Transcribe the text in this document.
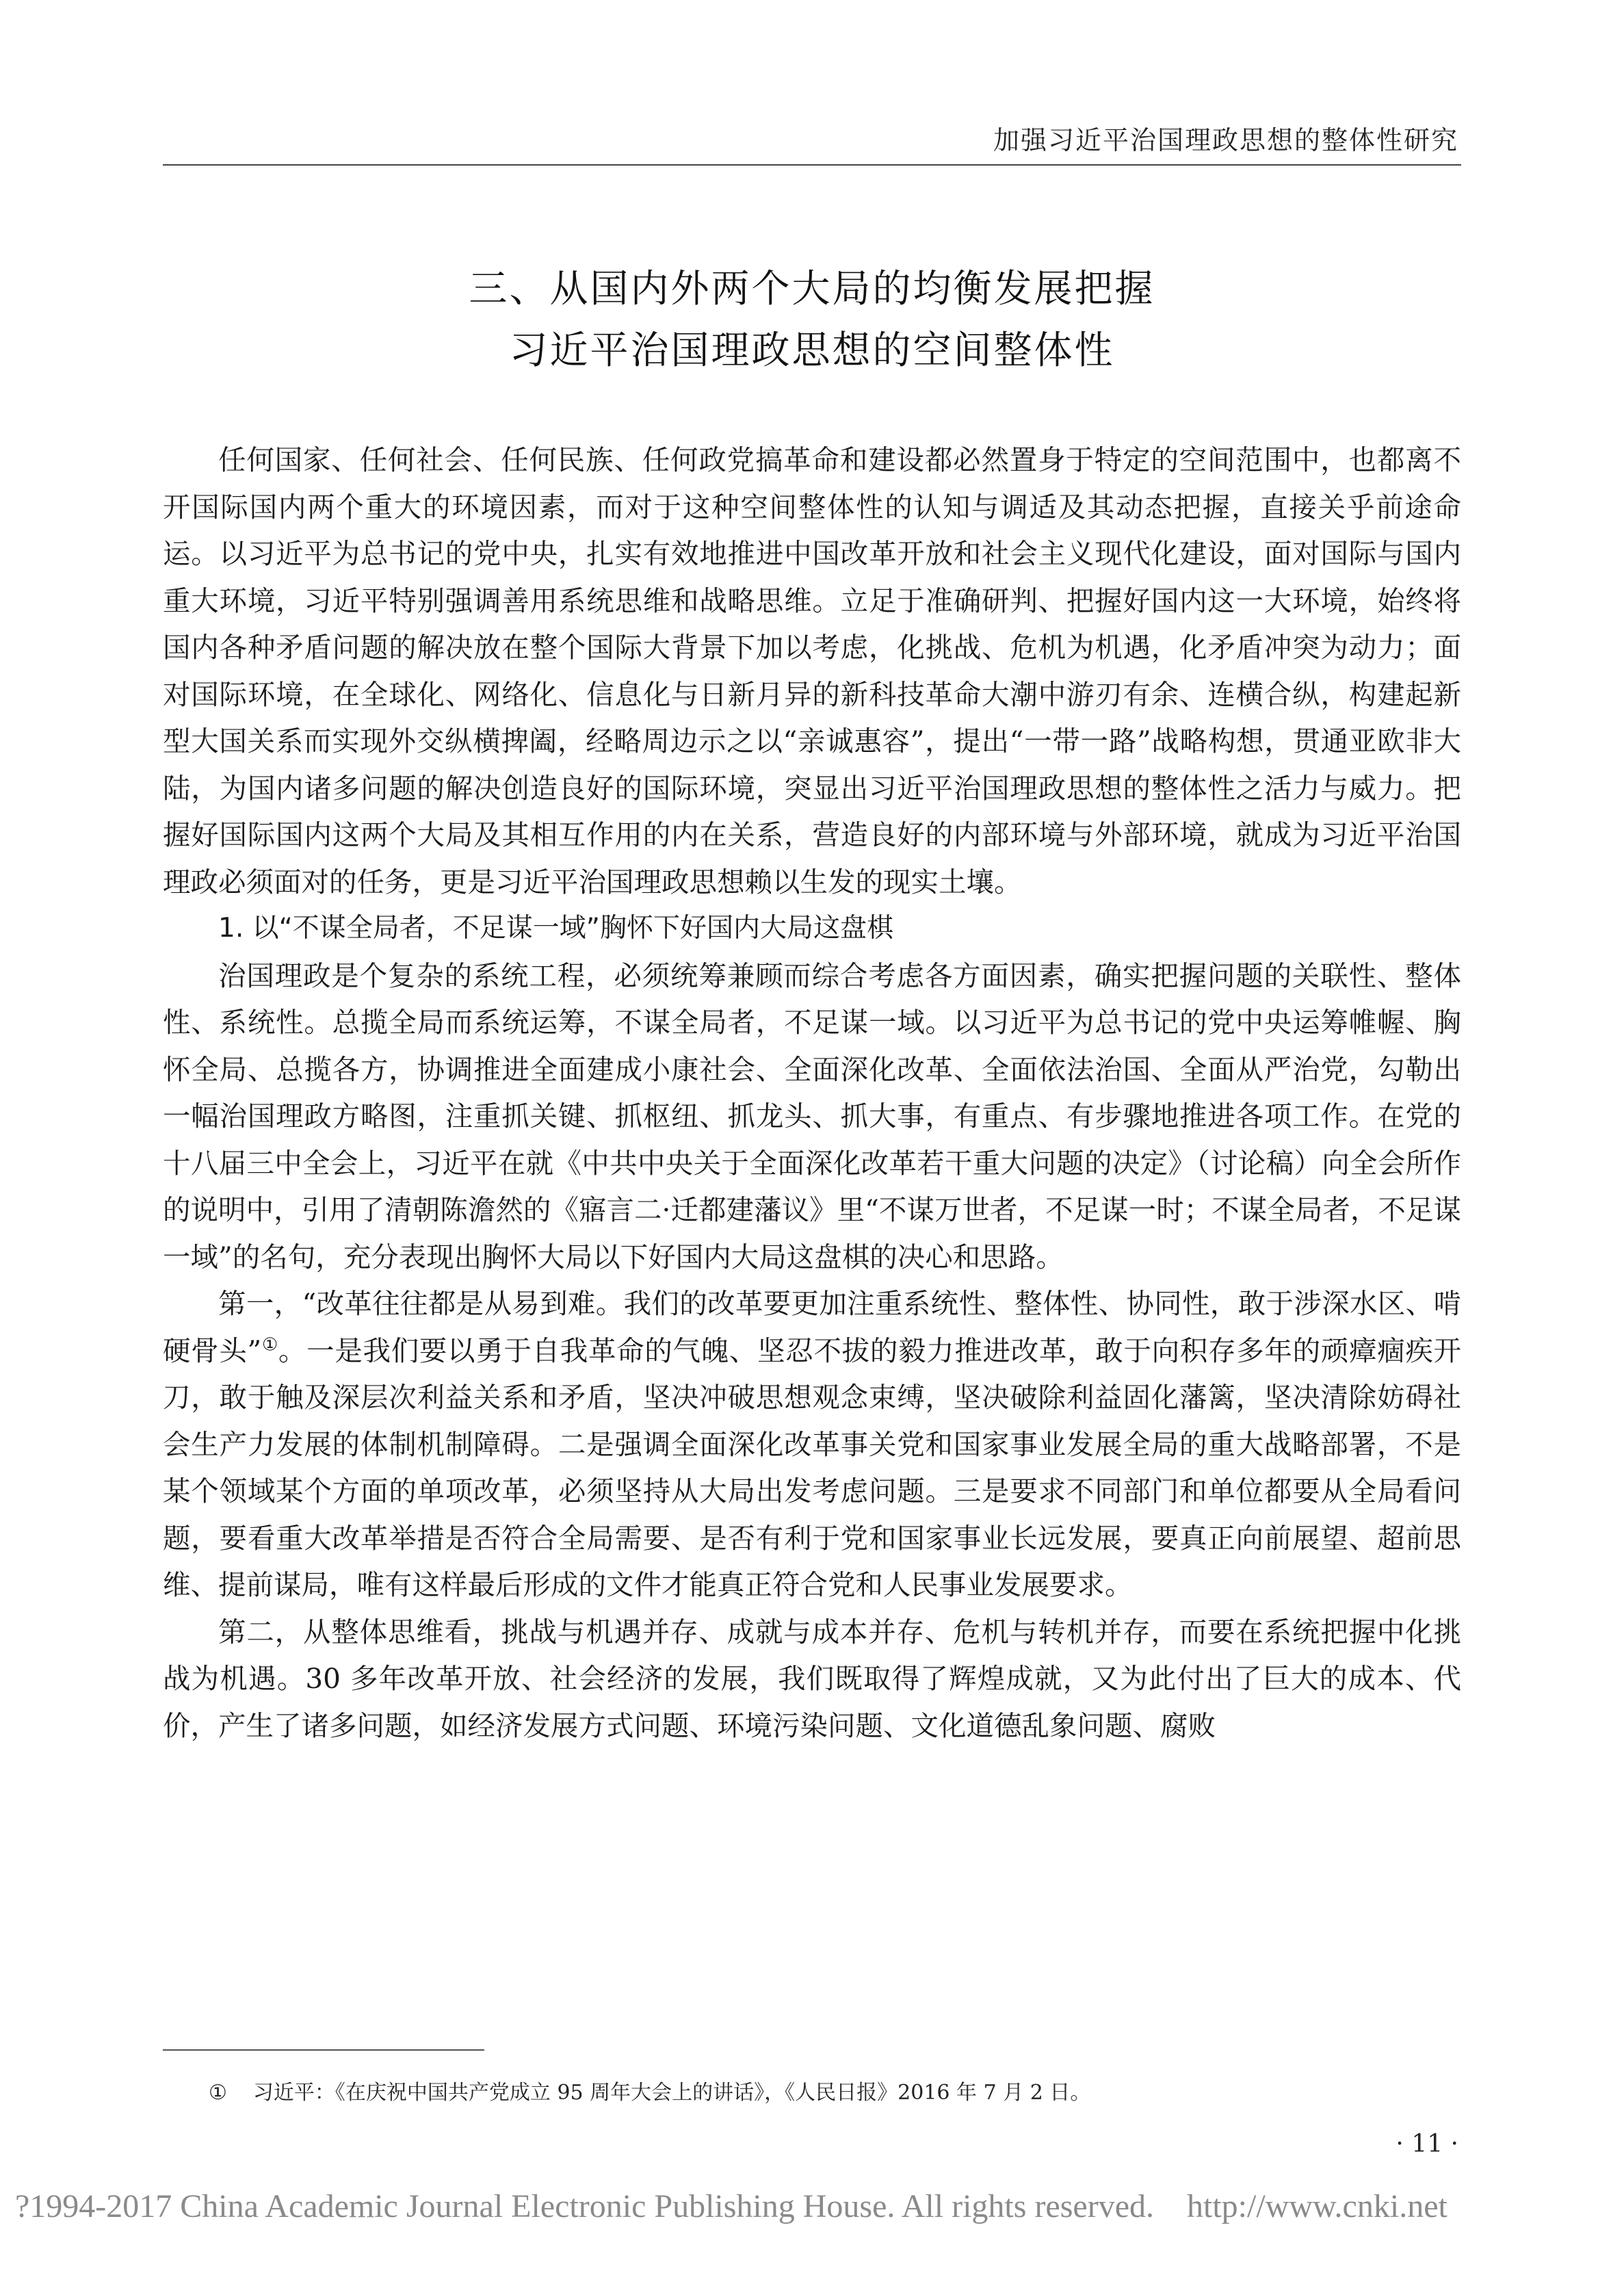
加强习近平治国理政思想的整体性研究
三、从国内外两个大局的均衡发展把握
习近平治国理政思想的空间整体性

任何国家、任何社会、任何民族、任何政党搞革命和建设都必然置身于特定的空间范围中，也都离不开国际国内两个重大的环境因素，而对于这种空间整体性的认知与调适及其动态把握，直接关乎前途命运。以习近平为总书记的党中央，扎实有效地推进中国改革开放和社会主义现代化建设，面对国际与国内重大环境，习近平特别强调善用系统思维和战略思维。立足于准确研判、把握好国内这一大环境，始终将国内各种矛盾问题的解决放在整个国际大背景下加以考虑，化挑战、危机为机遇，化矛盾冲突为动力；面对国际环境，在全球化、网络化、信息化与日新月异的新科技革命大潮中游刃有余、连横合纵，构建起新型大国关系而实现外交纵横捭阖，经略周边示之以“亲诚惠容”，提出“一带一路”战略构想，贯通亚欧非大陆，为国内诸多问题的解决创造良好的国际环境，突显出习近平治国理政思想的整体性之活力与威力。把握好国际国内这两个大局及其相互作用的内在关系，营造良好的内部环境与外部环境，就成为习近平治国理政必须面对的任务，更是习近平治国理政思想赖以生发的现实土壤。

1. 以“不谋全局者，不足谋一域”胸怀下好国内大局这盘棋

治国理政是个复杂的系统工程，必须统筹兼顾而综合考虑各方面因素，确实把握问题的关联性、整体性、系统性。总揽全局而系统运筹，不谋全局者，不足谋一域。以习近平为总书记的党中央运筹帷幄、胸怀全局、总揽各方，协调推进全面建成小康社会、全面深化改革、全面依法治国、全面从严治党，勾勒出一幅治国理政方略图，注重抓关键、抓枢纽、抓龙头、抓大事，有重点、有步骤地推进各项工作。在党的十八届三中全会上，习近平在就《中共中央关于全面深化改革若干重大问题的决定》（讨论稿）向全会所作的说明中，引用了清朝陈澹然的《寤言二·迁都建藩议》里“不谋万世者，不足谋一时；不谋全局者，不足谋一域”的名句，充分表现出胸怀大局以下好国内大局这盘棋的决心和思路。

第一，“改革往往都是从易到难。我们的改革要更加注重系统性、整体性、协同性，敢于涉深水区、啃硬骨头”①。一是我们要以勇于自我革命的气魄、坚忍不拔的毅力推进改革，敢于向积存多年的顽瘴痼疾开刀，敢于触及深层次利益关系和矛盾，坚决冲破思想观念束缚，坚决破除利益固化藩篱，坚决清除妨碍社会生产力发展的体制机制障碍。二是强调全面深化改革事关党和国家事业发展全局的重大战略部署，不是某个领域某个方面的单项改革，必须坚持从大局出发考虑问题。三是要求不同部门和单位都要从全局看问题，要看重大改革举措是否符合全局需要、是否有利于党和国家事业长远发展，要真正向前展望、超前思维、提前谋局，唯有这样最后形成的文件才能真正符合党和人民事业发展要求。

第二，从整体思维看，挑战与机遇并存、成就与成本并存、危机与转机并存，而要在系统把握中化挑战为机遇。30 多年改革开放、社会经济的发展，我们既取得了辉煌成就，又为此付出了巨大的成本、代价，产生了诸多问题，如经济发展方式问题、环境污染问题、文化道德乱象问题、腐败

① 习近平：《在庆祝中国共产党成立 95 周年大会上的讲话》，《人民日报》2016 年 7 月 2 日。
· 11 ·
?1994-2017 China Academic Journal Electronic Publishing House. All rights reserved. http://www.cnki.net
